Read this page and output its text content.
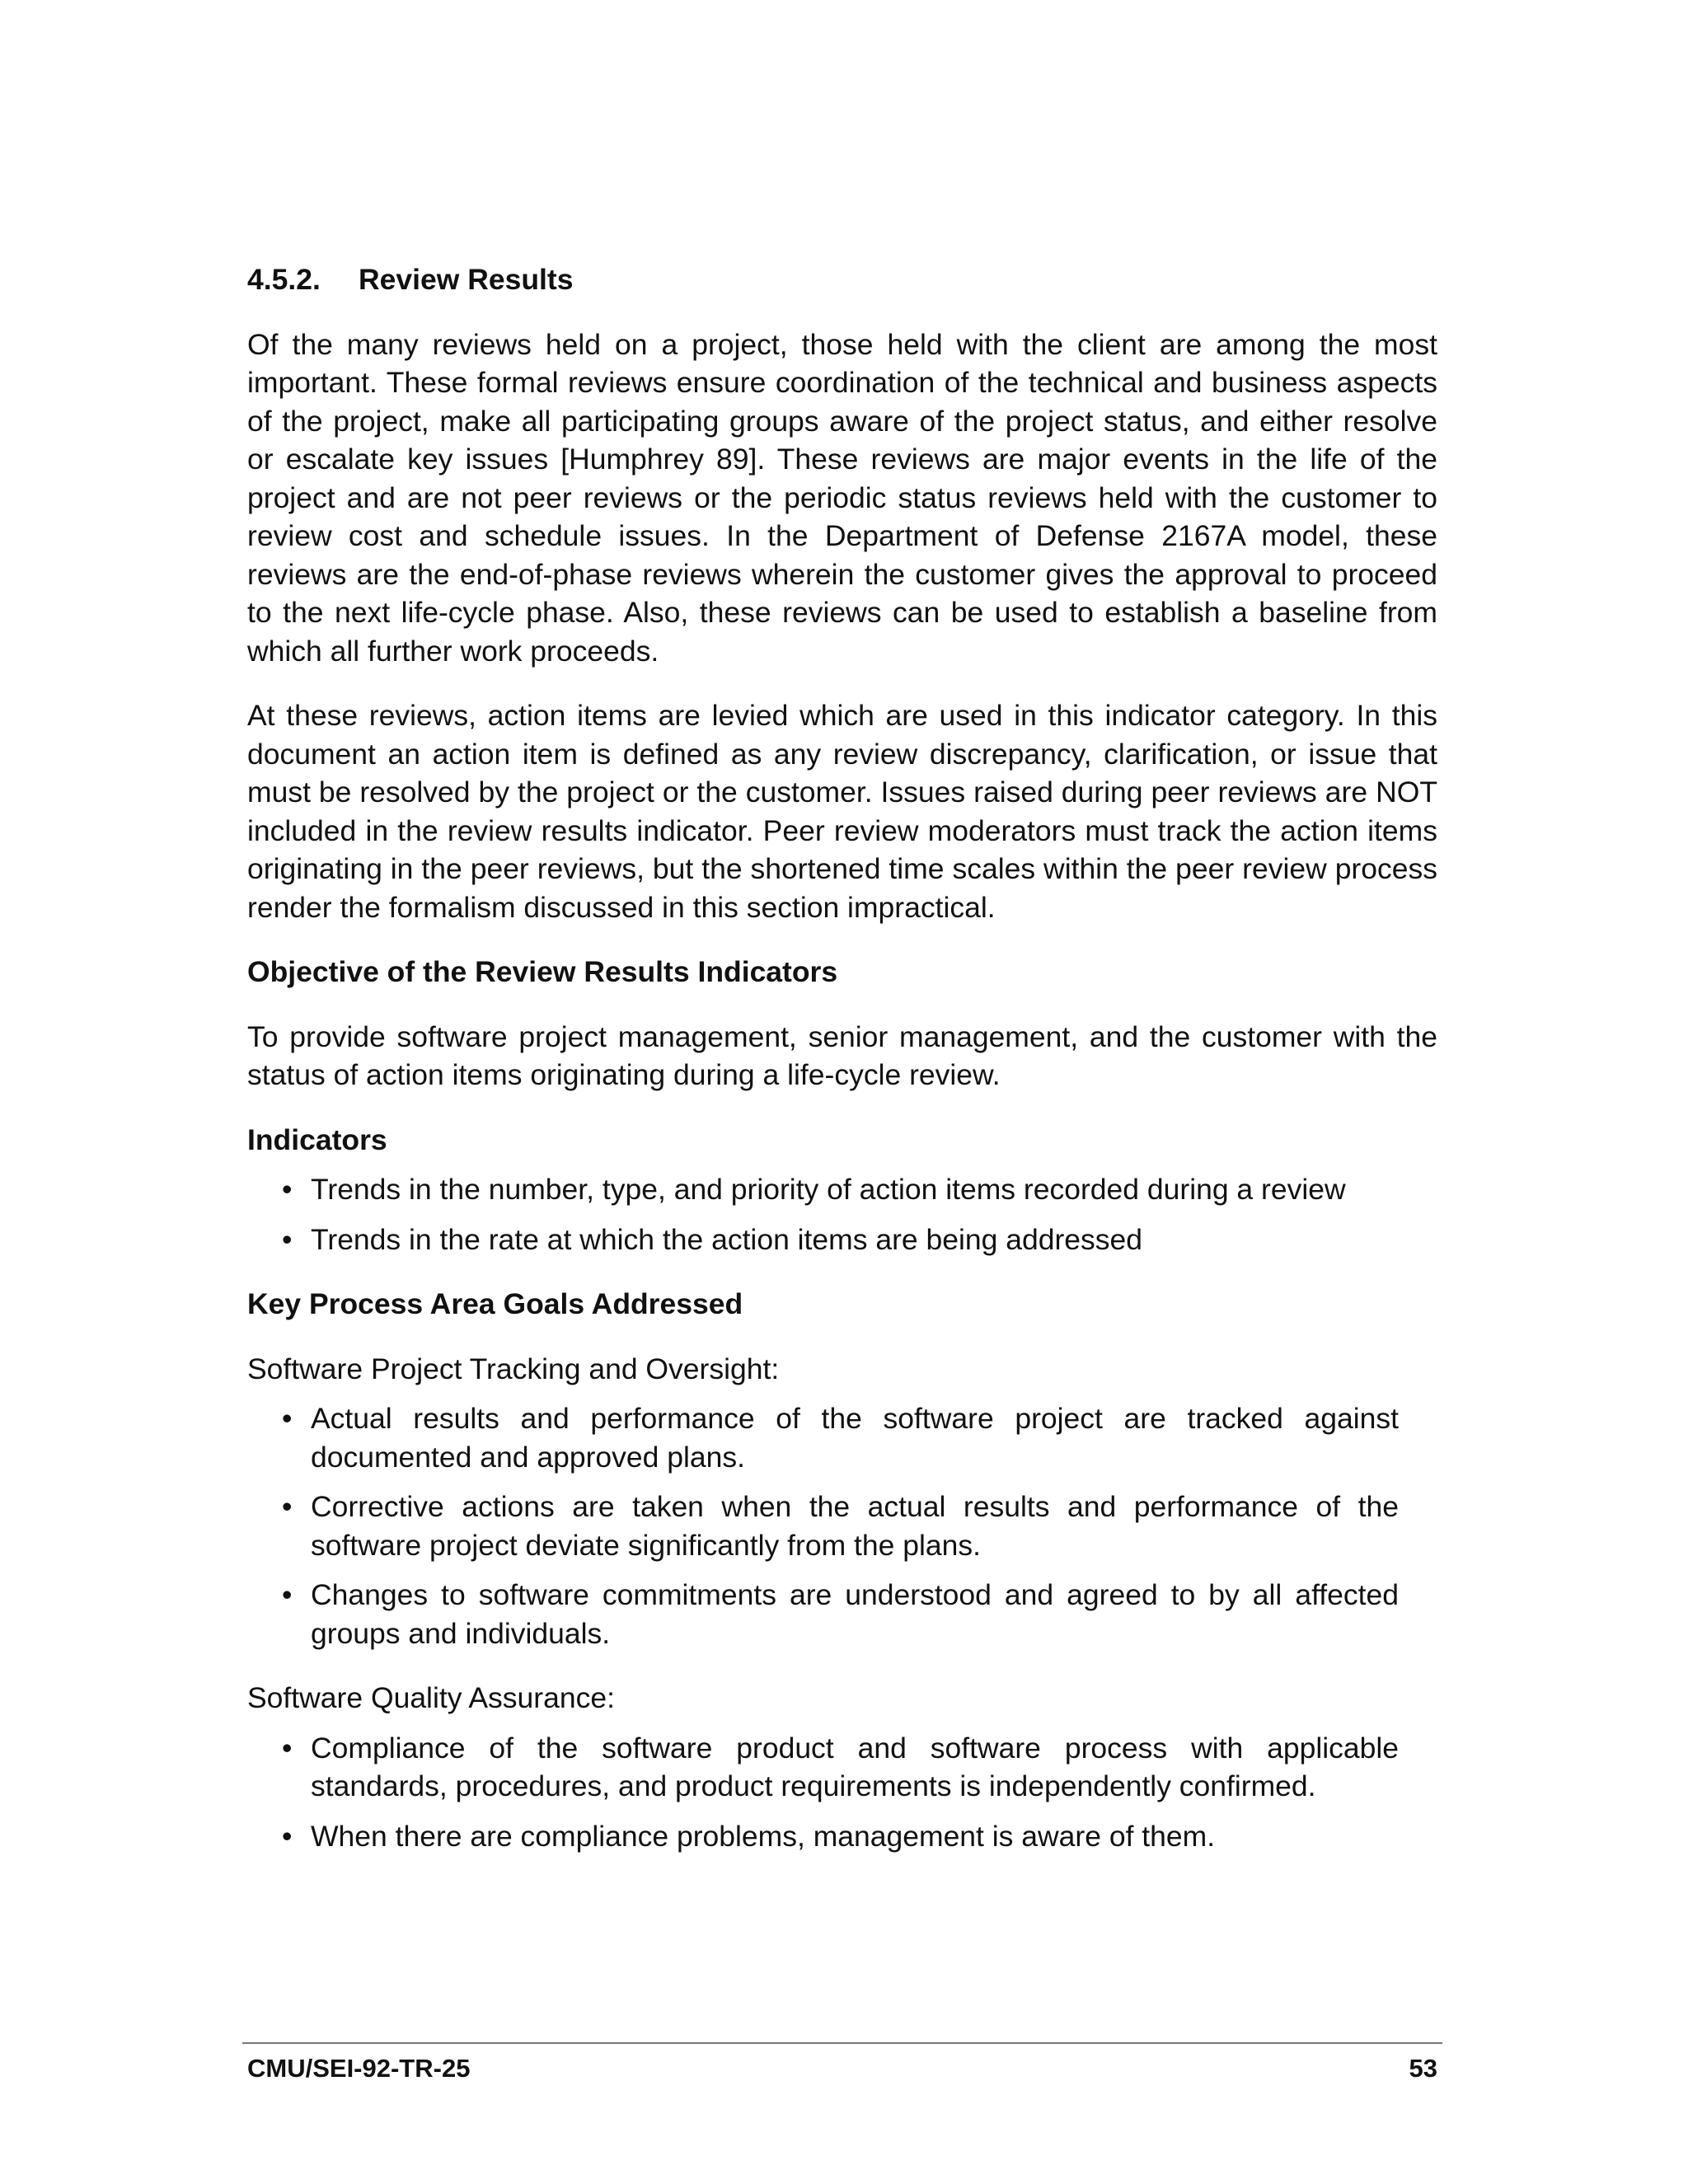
4.5.2. Review Results

Of the many reviews held on a project, those held with the client are among the most important. These formal reviews ensure coordination of the technical and business aspects of the project, make all participating groups aware of the project status, and either resolve or escalate key issues [Humphrey 89]. These reviews are major events in the life of the project and are not peer reviews or the periodic status reviews held with the customer to review cost and schedule issues. In the Department of Defense 2167A model, these reviews are the end-of-phase reviews wherein the customer gives the approval to proceed to the next life-cycle phase. Also, these reviews can be used to establish a baseline from which all further work proceeds.

At these reviews, action items are levied which are used in this indicator category. In this document an action item is defined as any review discrepancy, clarification, or issue that must be resolved by the project or the customer. Issues raised during peer reviews are NOT included in the review results indicator. Peer review moderators must track the action items originating in the peer reviews, but the shortened time scales within the peer review process render the formalism discussed in this section impractical.

Objective of the Review Results Indicators

To provide software project management, senior management, and the customer with the status of action items originating during a life-cycle review.

Indicators
• Trends in the number, type, and priority of action items recorded during a review
• Trends in the rate at which the action items are being addressed
Key Process Area Goals Addressed

Software Project Tracking and Oversight:

• Actual results and performance of the software project are tracked against documented and approved plans.
• Corrective actions are taken when the actual results and performance of the software project deviate significantly from the plans.
• Changes to software commitments are understood and agreed to by all affected groups and individuals.

Software Quality Assurance:

• Compliance of the software product and software process with applicable standards, procedures, and product requirements is independently confirmed.
• When there are compliance problems, management is aware of them.
CMU/SEI-92-TR-25	53
